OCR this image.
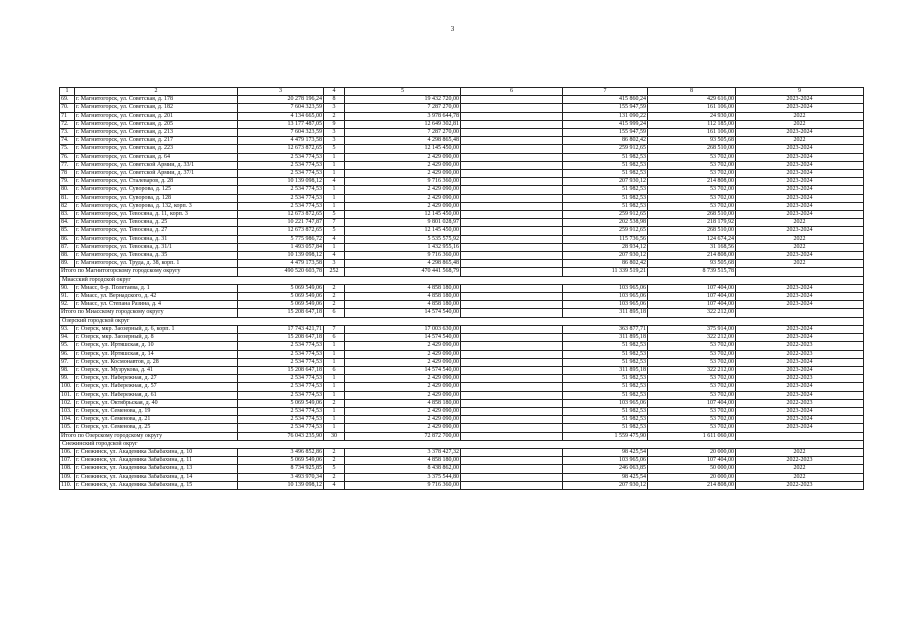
3
1	2	3	4	5	6	7	8	9
69.	г. Магнитогорск, ул. Советская, д. 178	20 278 196,24	8	19 432 720,00		415 860,24	429 616,00	2023-2024
70.	г. Магнитогорск, ул. Советская, д. 182	7 604 323,59	3	7 287 270,00		155 947,59	161 106,00	2023-2024
71	г. Магнитогорск, ул. Советская, д. 201	4 134 665,00	2	3 978 644,78		131 090,22	24 930,00	2022
72.	г. Магнитогорск, ул. Советская, д. 205	13 177 487,05	9	12 649 302,81		415 999,24	112 185,00	2022
73.	г. Магнитогорск, ул. Советская, д. 213	7 604 323,59	3	7 287 270,00		155 947,59	161 106,00	2023-2024
74.	г. Магнитогорск, ул. Советская, д. 217	4 479 173,58	3	4 298 865,48		86 802,42	93 505,68	2022
75.	г. Магнитогорск, ул. Советская, д. 223	12 673 872,65	5	12 145 450,00		259 912,65	268 510,00	2023-2024
76.	г. Магнитогорск, ул. Советская, д. 64	2 534 774,53	1	2 429 090,00		51 982,53	53 702,00	2023-2024
77.	г. Магнитогорск, ул. Советской Армии, д. 33/1	2 534 774,53	1	2 429 090,00		51 982,53	53 702,00	2023-2024
78	г. Магнитогорск, ул. Советской Армии, д. 37/1	2 534 774,53	1	2 429 090,00		51 982,53	53 702,00	2023-2024
79.	г. Магнитогорск, ул. Сталеваров, д. 28	10 139 098,12	4	9 716 360,00		207 930,12	214 808,00	2023-2024
80.	г. Магнитогорск, ул. Суворова, д. 125	2 534 774,53	1	2 429 090,00		51 982,53	53 702,00	2023-2024
81.	г. Магнитогорск, ул. Суворова, д. 128	2 534 774,53	1	2 429 090,00		51 982,53	53 702,00	2023-2024
82	г. Магнитогорск, ул. Суворова, д. 132, корп. 3	2 534 774,53	1	2 429 090,00		51 982,53	53 702,00	2023-2024
83.	г. Магнитогорск, ул. Тевосяна, д. 11, корп. 3	12 673 872,65	5	12 145 450,00		259 912,65	268 510,00	2023-2024
84.	г. Магнитогорск, ул. Тевосяна, д. 25	10 221 747,87	7	9 801 028,97		202 538,98	218 179,92	2022
85.	г. Магнитогорск, ул. Тевосяна, д. 27	12 673 872,65	5	12 145 450,00		259 912,65	268 510,00	2023-2024
86.	г. Магнитогорск, ул. Тевосяна, д. 31	5 775 986,72	4	5 535 575,92		115 736,56	124 674,24	2022
87.	г. Магнитогорск, ул. Тевосяна, д. 31/1	1 493 057,84	1	1 432 955,16		28 934,12	31 168,56	2022
88.	г. Магнитогорск, ул. Тевосяна, д. 35	10 139 098,12	4	9 716 360,00		207 930,12	214 808,00	2023-2024
89.	г. Магнитогорск, ул. Труда, д. 38, корп. 1	4 479 173,58	3	4 298 865,48		86 802,42	93 505,68	2022
Итого по Магнитогорскому городскому округу		490 520 603,78	252	470 441 568,79		11 339 519,21	8 739 515,78	
Миасский городской округ								
90.	г. Миасс, б-р. Полетаева, д. 1	5 069 549,06	2	4 858 180,00		103 965,06	107 404,00	2023-2024
91.	г. Миасс, ул. Вернадского, д. 42	5 069 549,06	2	4 858 180,00		103 965,06	107 404,00	2023-2024
92.	г. Миасс, ул. Степана Разина, д. 4	5 069 549,06	2	4 858 180,00		103 965,06	107 404,00	2023-2024
Итого по Миасскому городскому округу		15 208 647,18	6	14 574 540,00		311 895,18	322 212,00	
Озерский городской округ								
93.	г. Озерск, мкр. Заозерный, д. 6, корп. 1	17 743 421,71	7	17 003 630,00		363 877,71	375 914,00	2023-2024
94.	г. Озерск, мкр. Заозерный, д. 8	15 208 647,18	6	14 574 540,00		311 895,18	322 212,00	2023-2024
95.	г. Озерск, ул. Иртяшская, д. 10	2 534 774,53	1	2 429 090,00		51 982,53	53 702,00	2022-2023
96.	г. Озерск, ул. Иртяшская, д. 14	2 534 774,53	1	2 429 090,00		51 982,53	53 702,00	2022-2023
97.	г. Озерск, ул. Космонавтов, д. 28	2 534 774,53	1	2 429 090,00		51 982,53	53 702,00	2023-2024
98.	г. Озерск, ул. Музрукова, д. 41	15 208 647,18	6	14 574 540,00		311 895,18	322 212,00	2023-2024
99.	г. Озерск, ул. Набережная, д. 27	2 534 774,53	1	2 429 090,00		51 982,53	53 702,00	2022-2023
100.	г. Озерск, ул. Набережная, д. 57	2 534 774,53	1	2 429 090,00		51 982,53	53 702,00	2023-2024
101.	г. Озерск, ул. Набережная, д. 61	2 534 774,53	1	2 429 090,00		51 982,53	53 702,00	2023-2024
102.	г. Озерск, ул. Октябрьская, д. 40	5 069 549,06	2	4 858 180,00		103 965,06	107 404,00	2022-2023
103.	г. Озерск, ул. Семенова, д. 19	2 534 774,53	1	2 429 090,00		51 982,53	53 702,00	2023-2024
104.	г. Озерск, ул. Семенова, д. 21	2 534 774,53	1	2 429 090,00		51 982,53	53 702,00	2023-2024
105.	г. Озерск, ул. Семенова, д. 25	2 534 774,53	1	2 429 090,00		51 982,53	53 702,00	2023-2024
Итого по Озерскому городскому округу		76 043 235,90	30	72 872 700,00		1 559 475,90	1 611 060,00	
Снежинский городской округ								
106.	г. Снежинск, ул. Академика Забабахина, д. 10	3 496 852,86	2	3 378 427,32		98 425,54	20 000,00	2022
107.	г. Снежинск, ул. Академика Забабахина, д. 11	5 069 549,06	2	4 858 180,00		103 965,06	107 404,00	2022-2023
108.	г. Снежинск, ул. Академика Забабахина, д. 13	8 734 925,85	5	8 438 862,00		246 063,85	50 000,00	2022
109.	г. Снежинск, ул. Академика Забабахина, д. 14	3 493 970,34	2	3 375 544,80		98 425,54	20 000,00	2022
110.	г. Снежинск, ул. Академика Забабахина, д. 15	10 139 098,12	4	9 716 360,00		207 930,12	214 808,00	2022-2023
